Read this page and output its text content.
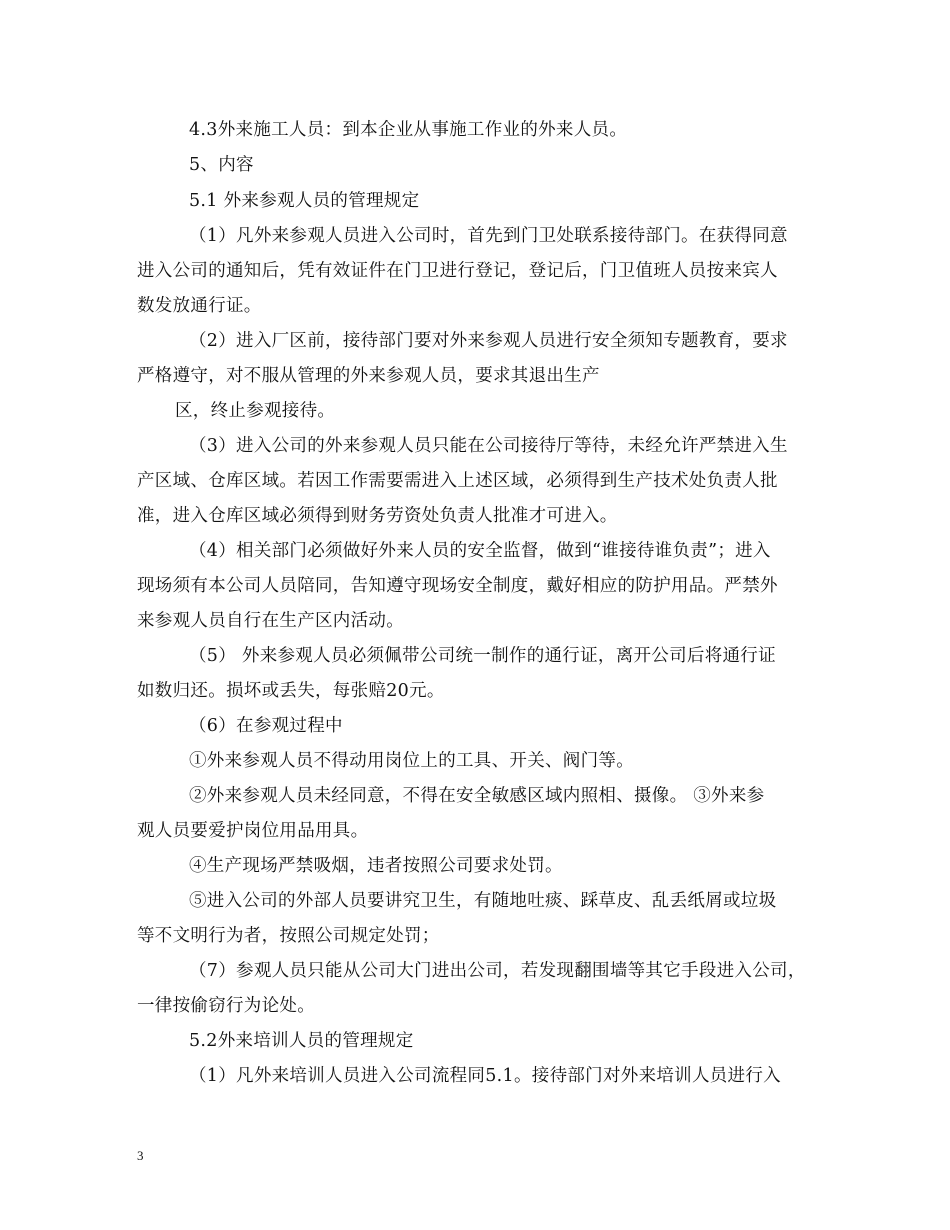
4.3外来施工人员：到本企业从事施工作业的外来人员。
5、内容
5.1 外来参观人员的管理规定
（1）凡外来参观人员进入公司时，首先到门卫处联系接待部门。在获得同意
进入公司的通知后，凭有效证件在门卫进行登记，登记后，门卫值班人员按来宾人
数发放通行证。
（2）进入厂区前，接待部门要对外来参观人员进行安全须知专题教育，要求
严格遵守，对不服从管理的外来参观人员，要求其退出生产
区，终止参观接待。
（3）进入公司的外来参观人员只能在公司接待厅等待，未经允许严禁进入生
产区域、仓库区域。若因工作需要需进入上述区域，必须得到生产技术处负责人批
准，进入仓库区域必须得到财务劳资处负责人批准才可进入。
（4）相关部门必须做好外来人员的安全监督，做到“谁接待谁负责”；进入
现场须有本公司人员陪同，告知遵守现场安全制度，戴好相应的防护用品。严禁外
来参观人员自行在生产区内活动。
（5） 外来参观人员必须佩带公司统一制作的通行证，离开公司后将通行证
如数归还。损坏或丢失，每张赔20元。
（6）在参观过程中
①外来参观人员不得动用岗位上的工具、开关、阀门等。
②外来参观人员未经同意，不得在安全敏感区域内照相、摄像。 ③外来参
观人员要爱护岗位用品用具。
④生产现场严禁吸烟，违者按照公司要求处罚。
⑤进入公司的外部人员要讲究卫生，有随地吐痰、踩草皮、乱丢纸屑或垃圾
等不文明行为者，按照公司规定处罚；
（7）参观人员只能从公司大门进出公司，若发现翻围墙等其它手段进入公司，
一律按偷窃行为论处。
5.2外来培训人员的管理规定
（1）凡外来培训人员进入公司流程同5.1。接待部门对外来培训人员进行入
3
